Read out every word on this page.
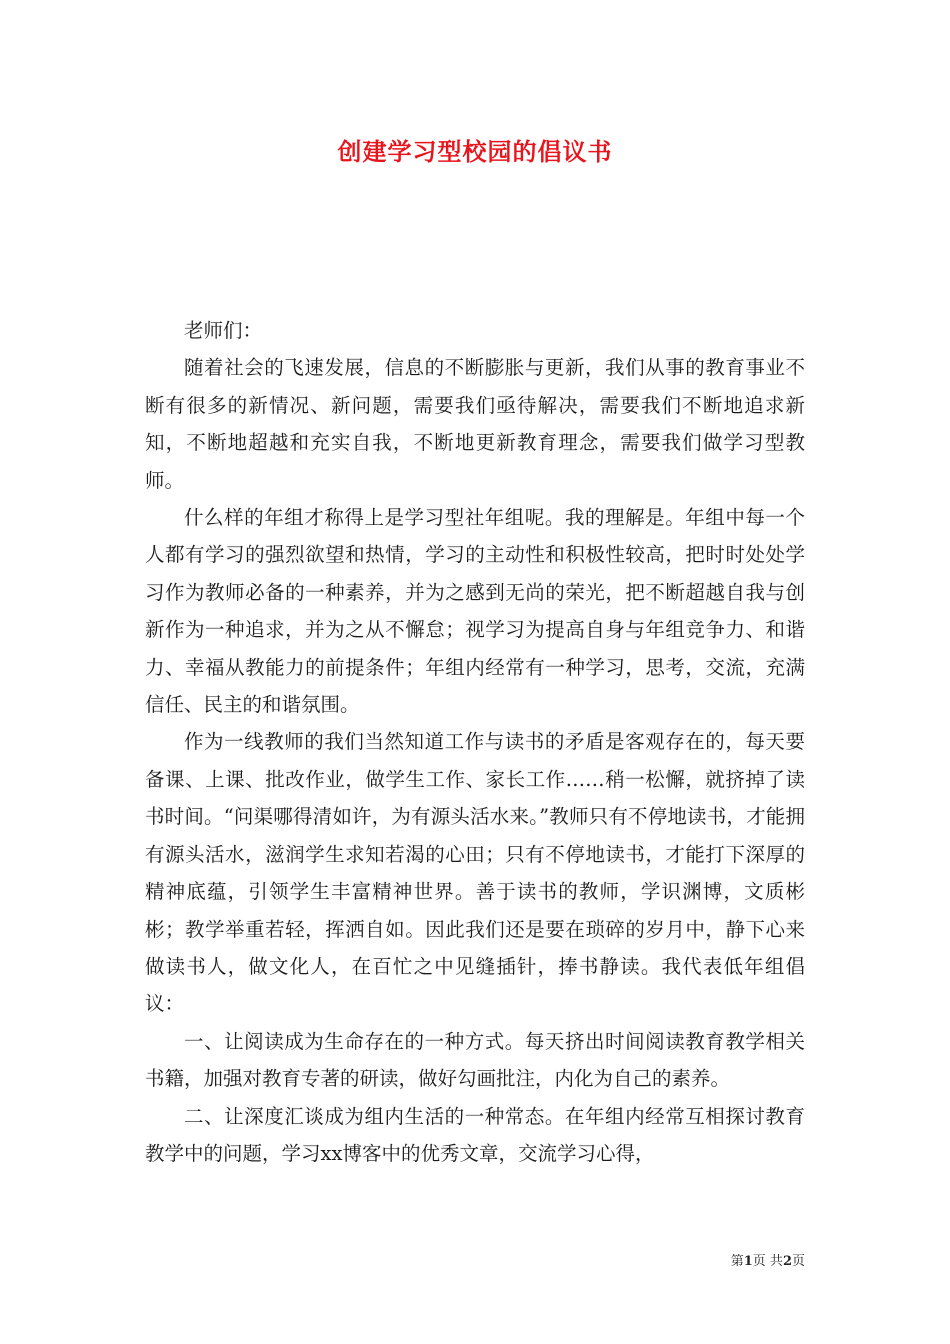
创建学习型校园的倡议书

老师们：

随着社会的飞速发展，信息的不断膨胀与更新，我们从事的教育事业不断有很多的新情况、新问题，需要我们亟待解决，需要我们不断地追求新知，不断地超越和充实自我，不断地更新教育理念，需要我们做学习型教师。

什么样的年组才称得上是学习型社年组呢。我的理解是。年组中每一个人都有学习的强烈欲望和热情，学习的主动性和积极性较高，把时时处处学习作为教师必备的一种素养，并为之感到无尚的荣光，把不断超越自我与创新作为一种追求，并为之从不懈怠；视学习为提高自身与年组竞争力、和谐力、幸福从教能力的前提条件；年组内经常有一种学习，思考，交流，充满信任、民主的和谐氛围。

作为一线教师的我们当然知道工作与读书的矛盾是客观存在的，每天要备课、上课、批改作业，做学生工作、家长工作……稍一松懈，就挤掉了读书时间。“问渠哪得清如许，为有源头活水来。”教师只有不停地读书，才能拥有源头活水，滋润学生求知若渴的心田；只有不停地读书，才能打下深厚的精神底蕴，引领学生丰富精神世界。善于读书的教师，学识渊博，文质彬彬；教学举重若轻，挥洒自如。因此我们还是要在琐碎的岁月中，静下心来做读书人，做文化人，在百忙之中见缝插针，捧书静读。我代表低年组倡议：

一、让阅读成为生命存在的一种方式。每天挤出时间阅读教育教学相关书籍，加强对教育专著的研读，做好勾画批注，内化为自己的素养。

二、让深度汇谈成为组内生活的一种常态。在年组内经常互相探讨教育教学中的问题，学习xx博客中的优秀文章，交流学习心得，

第1页 共2页
